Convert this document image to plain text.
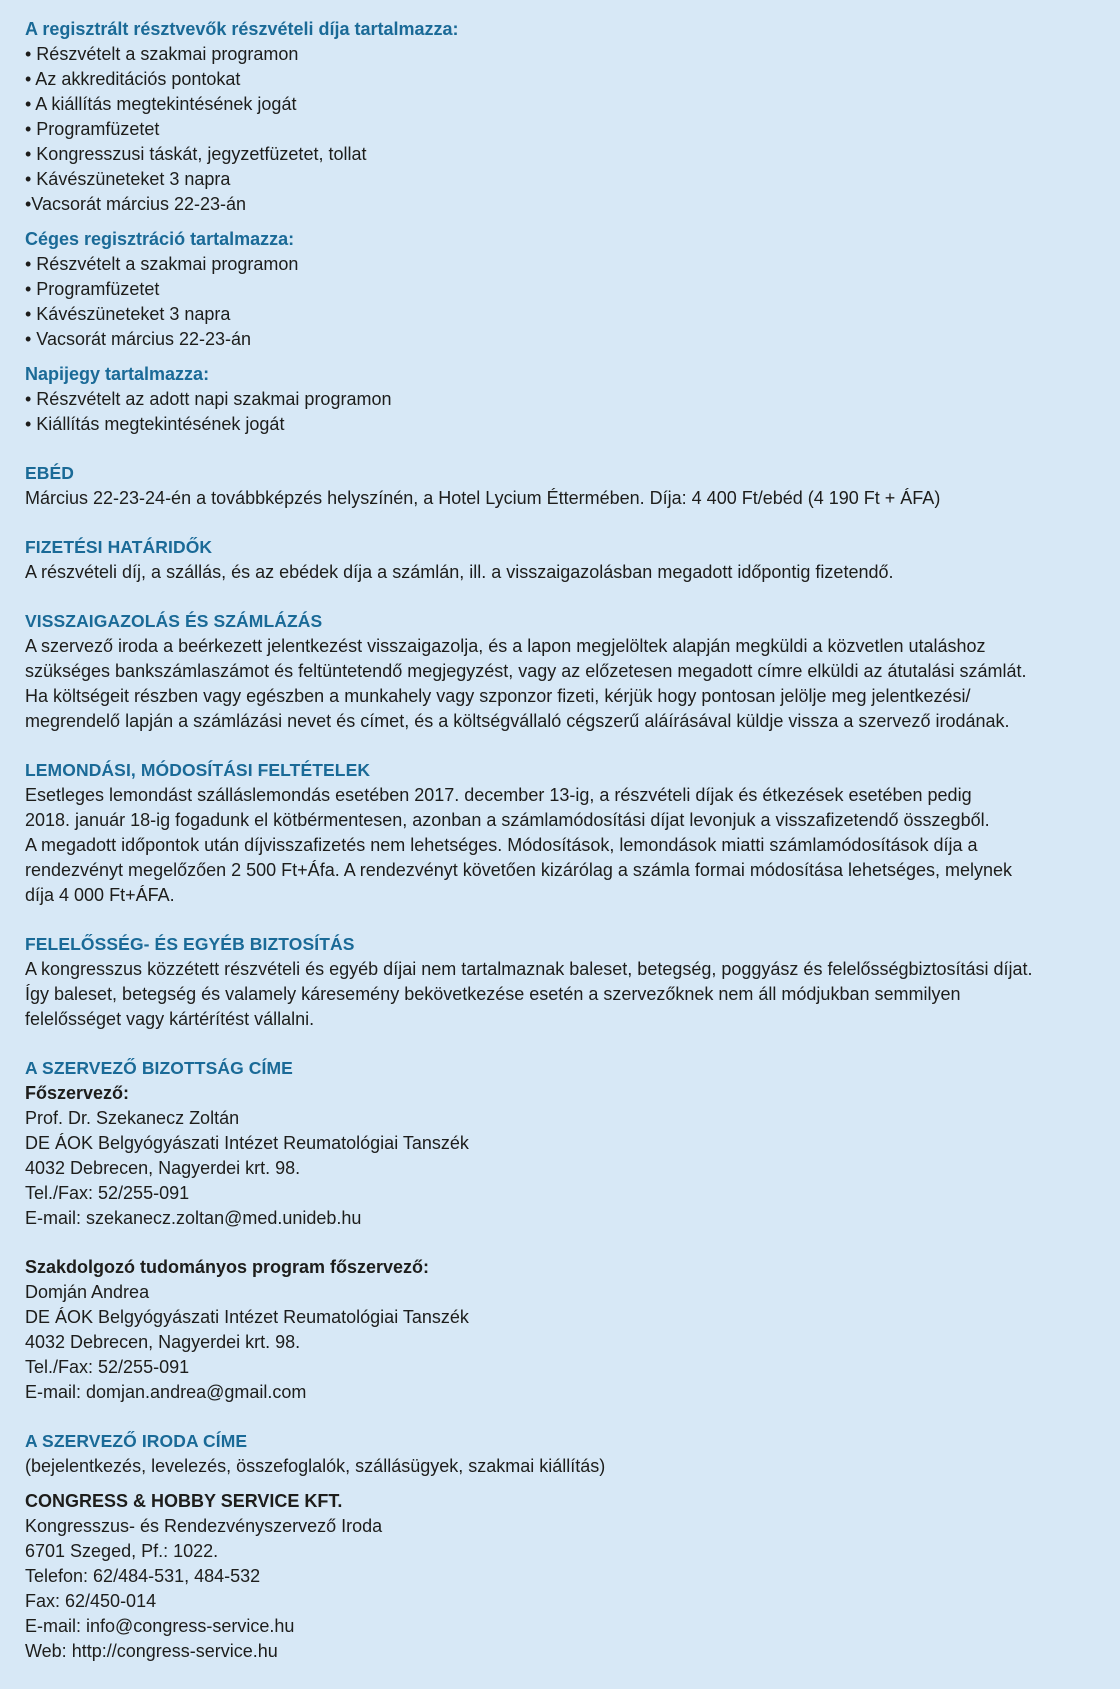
A regisztrált résztvevők részvételi díja tartalmazza:
• Részvételt a szakmai programon
• Az akkreditációs pontokat
• A kiállítás megtekintésének jogát
• Programfüzetet
• Kongresszusi táskát, jegyzetfüzetet, tollat
• Kávészüneteket 3 napra
•Vacsorát március 22-23-án
Céges regisztráció tartalmazza:
• Részvételt a szakmai programon
• Programfüzetet
• Kávészüneteket 3 napra
• Vacsorát március 22-23-án
Napijegy tartalmazza:
• Részvételt az adott napi szakmai programon
• Kiállítás megtekintésének jogát
EBÉD
Március 22-23-24-én a továbbképzés helyszínén, a Hotel Lycium Éttermében. Díja: 4 400 Ft/ebéd (4 190 Ft + ÁFA)
FIZETÉSI HATÁRIDŐK
A részvételi díj, a szállás, és az ebédek díja a számlán, ill. a visszaigazolásban megadott időpontig fizetendő.
VISSZAIGAZOLÁS ÉS SZÁMLÁZÁS
A szervező iroda a beérkezett jelentkezést visszaigazolja, és a lapon megjelöltek alapján megküldi a közvetlen utaláshoz
szükséges bankszámlaszámot és feltüntetendő megjegyzést, vagy az előzetesen megadott címre elküldi az átutalási számlát.
Ha költségeit részben vagy egészben a munkahely vagy szponzor fizeti, kérjük hogy pontosan jelölje meg jelentkezési/
megrendelő lapján a számlázási nevet és címet, és a költségvállaló cégszerű aláírásával küldje vissza a szervező irodának.
LEMONDÁSI, MÓDOSÍTÁSI FELTÉTELEK
Esetleges lemondást szálláslemondás esetében 2017. december 13-ig, a részvételi díjak és étkezések esetében pedig
2018. január 18-ig fogadunk el kötbérmentesen, azonban a számlamódosítási díjat levonjuk a visszafizetendő összegből.
A megadott időpontok után díjvisszafizetés nem lehetséges. Módosítások, lemondások miatti számlamódosítások díja a
rendezvényt megelőzően 2 500 Ft+Áfa. A rendezvényt követően kizárólag a számla formai módosítása lehetséges, melynek
díja 4 000 Ft+ÁFA.
FELELŐSSÉG- ÉS EGYÉB BIZTOSÍTÁS
A kongresszus közzétett részvételi és egyéb díjai nem tartalmaznak baleset, betegség, poggyász és felelősségbiztosítási díjat.
Így baleset, betegség és valamely káresemény bekövetkezése esetén a szervezőknek nem áll módjukban semmilyen
felelősséget vagy kártérítést vállalni.
A SZERVEZŐ BIZOTTSÁG CÍME
Főszervező:
Prof. Dr. Szekanecz Zoltán
DE ÁOK Belgyógyászati Intézet Reumatológiai Tanszék
4032 Debrecen, Nagyerdei krt. 98.
Tel./Fax: 52/255-091
E-mail: szekanecz.zoltan@med.unideb.hu
Szakdolgozó tudományos program főszervező:
Domján Andrea
DE ÁOK Belgyógyászati Intézet Reumatológiai Tanszék
4032 Debrecen, Nagyerdei krt. 98.
Tel./Fax: 52/255-091
E-mail: domjan.andrea@gmail.com
A SZERVEZŐ IRODA CÍME
(bejelentkezés, levelezés, összefoglalók, szállásügyek, szakmai kiállítás)
CONGRESS & HOBBY SERVICE KFT.
Kongresszus- és Rendezvényszervező Iroda
6701 Szeged, Pf.: 1022.
Telefon: 62/484-531, 484-532
Fax: 62/450-014
E-mail: info@congress-service.hu
Web: http://congress-service.hu
